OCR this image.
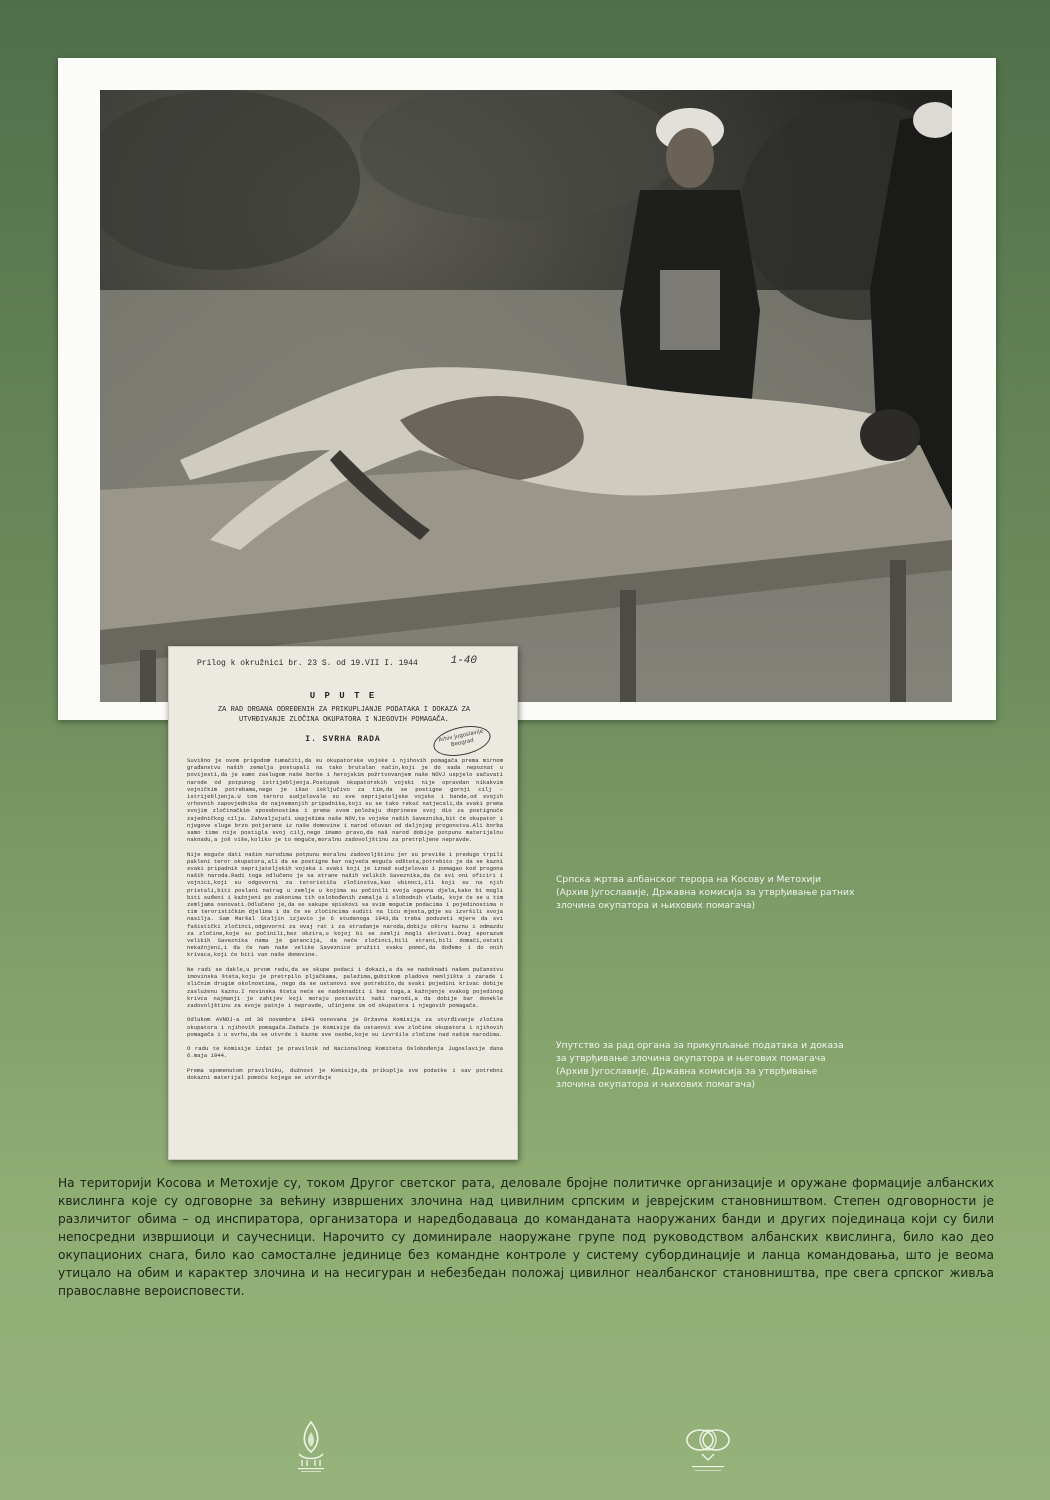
Prilog k okružnici br. 23 S. od 19.VII I. 1944	1-40
U P U T E
ZA RAD ORGANA ODREĐENIH ZA PRIKUPLJANJE PODATAKA I DOKAZA ZA UTVRĐIVANJE ZLOČINA OKUPATORA I NJEGOVIH POMAGAČA.
I. SVRHA RADA	Arhiv Jugoslavije Beograd
Suvišno je ovom prigodom tumačiti,da su okupatorske vojske i njihovih pomagača prema mirnom građanstvu naših zemalja postupali na tako brutalan način,koji je do sada nepoznat u povijesti,da je samo zaslugom naše borbe i herojskim požrtvovanjem naše NOVJ uspjelo sačuvati narode od potpunog istrijebljenja.Postupak okupatorskih vojski nije opravdan nikakvim vojničkim potrebama,nego je išao isključivo za tim,da se postigne gornji cilj - istrijebljenja.U tom teroru sudjelovale su sve neprijateljske vojske i bande,od svojih vrhovnih zapovjednika do najnemanjih pripadnika,koji su se tako rekuć natjecali,da svaki prema svojim zločinačkim sposobnostima i prema svom položaju doprinese svoj dio za postignuće zajedničkog cilja. Zahvaljujući uspješima naše NOV,te vojske naših Saveznika,bit će okupator i njegove sluge brzo potjerane iz naše domovine i narod očuvan od daljnjeg progonstva.Ali borba samo time nije postigla svoj cilj,nego imamo pravo,da naš narod dobije potpunu materijalnu naknadu,a još više,koliko je to moguće,moralnu zadovoljštinu za pretrpljene nepravde.

Nije moguće dati našim narodima potpunu moralnu zadovoljštinu jer su previše i predugo trpili pakleni teror okupatora,ali da se postigne bar najveća moguća odšteta,potrebito je da se kazni svaki pripadnik neprijateljskih vojska i svaki koji je iznad sudjelovao i pomagao kod progona naših naroda.Radi toga odlučeno je sa strane naših velikih Saveznika,da će svi oni oficiri i vojnici,koji su odgovorni za terorističa zločinstva,kao ubinoci,ili koji su na njih pristali,biti poslani natrag u zemlje u kojima su počinili svoja ogavna djela,kako bi mogli biti suđeni i kažnjeni po zakonima tih oslobođenih zemalja i slobodnih vlada, koje će se u tim zemljama osnovati.Odlučeno je,da se sakupe spiskovi sa svim mogućim podacima i pojedinostima o tim terorističkim djelima i da će se zločincima suditi na licu mjesta,gdje su izvršili svoja nasilja. Sam Maršal Staljin izjavio je 6 studenoga 1943,da treba poduzeti mjere da svi fašistički zločinci,odgovorni za ovaj rat i za stradanje naroda,dobiju oštru kaznu i odmazdu za zločine,koje su počinili,bez obzira,u kojoj bi se zemlji mogli skrivati.Ovaj sporazum velikih Saveznika nama je garancija, da neće zločinci,bili strani,bili domaći,ostati nekažnjeni,i da će nam naše velike Saveznice pružiti svaku pomoć,da dođemo i do onih krivaca,koji će biti van naše domovine.

Ne radi se dakle,u prvom redu,da se skupe podaci i dokazi,a da se nadoknadi našem pučanstvu imovinska šteta,koju je pretrpilo pljačkama, paležima,gubitkom pladova nemljišta i zarade i sličnim drugim okolnostima, nego da se ustanovi sve potrebito,da svaki pojedini krivac dobije zasluženu kaznu.I novinska šteta neće se nadoknaditi i bez toga,a kažnjenje svakog pojedinog krivca najmanji je zahtjev koji moraju postaviti naši narodi,a da dobije bar donekle zadovoljštinu za svoje patnje i nepravde, učinjene im od okupatora i njegovih pomagača.

Odlukom AVNOJ-a od 30 novembra 1943 osnovana je Državna Komisija za utvrđivanje zločina okupatora i njihovih pomagača.Zadaća je Komisije da ustanovi sve zločine okupatora i njihovih pomagača i u svrhu,da se utvrde i kazne sve osobe,koje su izvršile zločine nad našim narodima.

O radu te Komisije izdat je pravilnik od Nacionalnog Komiteta Oslobođenja Jugoslavije dana 6.maja 1944.

Prema spomenutom pravilniku, dužnost je Komisije,da prikuplja sve podatke i sav potrebni dokazni materijal pomoću kojega se utvrđuje
Српска жртва албанског терора на Косову и Метохији (Архив Југославије, Државна комисија за утврђивање ратних злочина окупатора и њихових помагача)
Упутство за рад органа за прикупљање података и доказа за утврђивање злочина окупатора и његових помагача (Архив Југославије, Државна комисија за утврђивање злочина окупатора и њихових помагача)
На територији Косова и Метохије су, током Другог светског рата, деловале бројне политичке организације и оружане формације албанских квислинга које су одговорне за већину извршених злочина над цивилним српским и јеврејским становништвом. Степен одговорности је различитог обима – од инспиратора, организатора и наредбодаваца до команданата наоружаних банди и других појединаца који су били непосредни извршиоци и саучесници. Нарочито су доминирале наоружане групе под руководством албанских квислинга, било као део окупационих снага, било као самосталне јединице без командне контроле у систему субординације и ланца командовања, што је веома утицало на обим и карактер злочина и на несигуран и небезбедан положај цивилног неалбанског становништва, пре свега српског живља православне вероисповести.
